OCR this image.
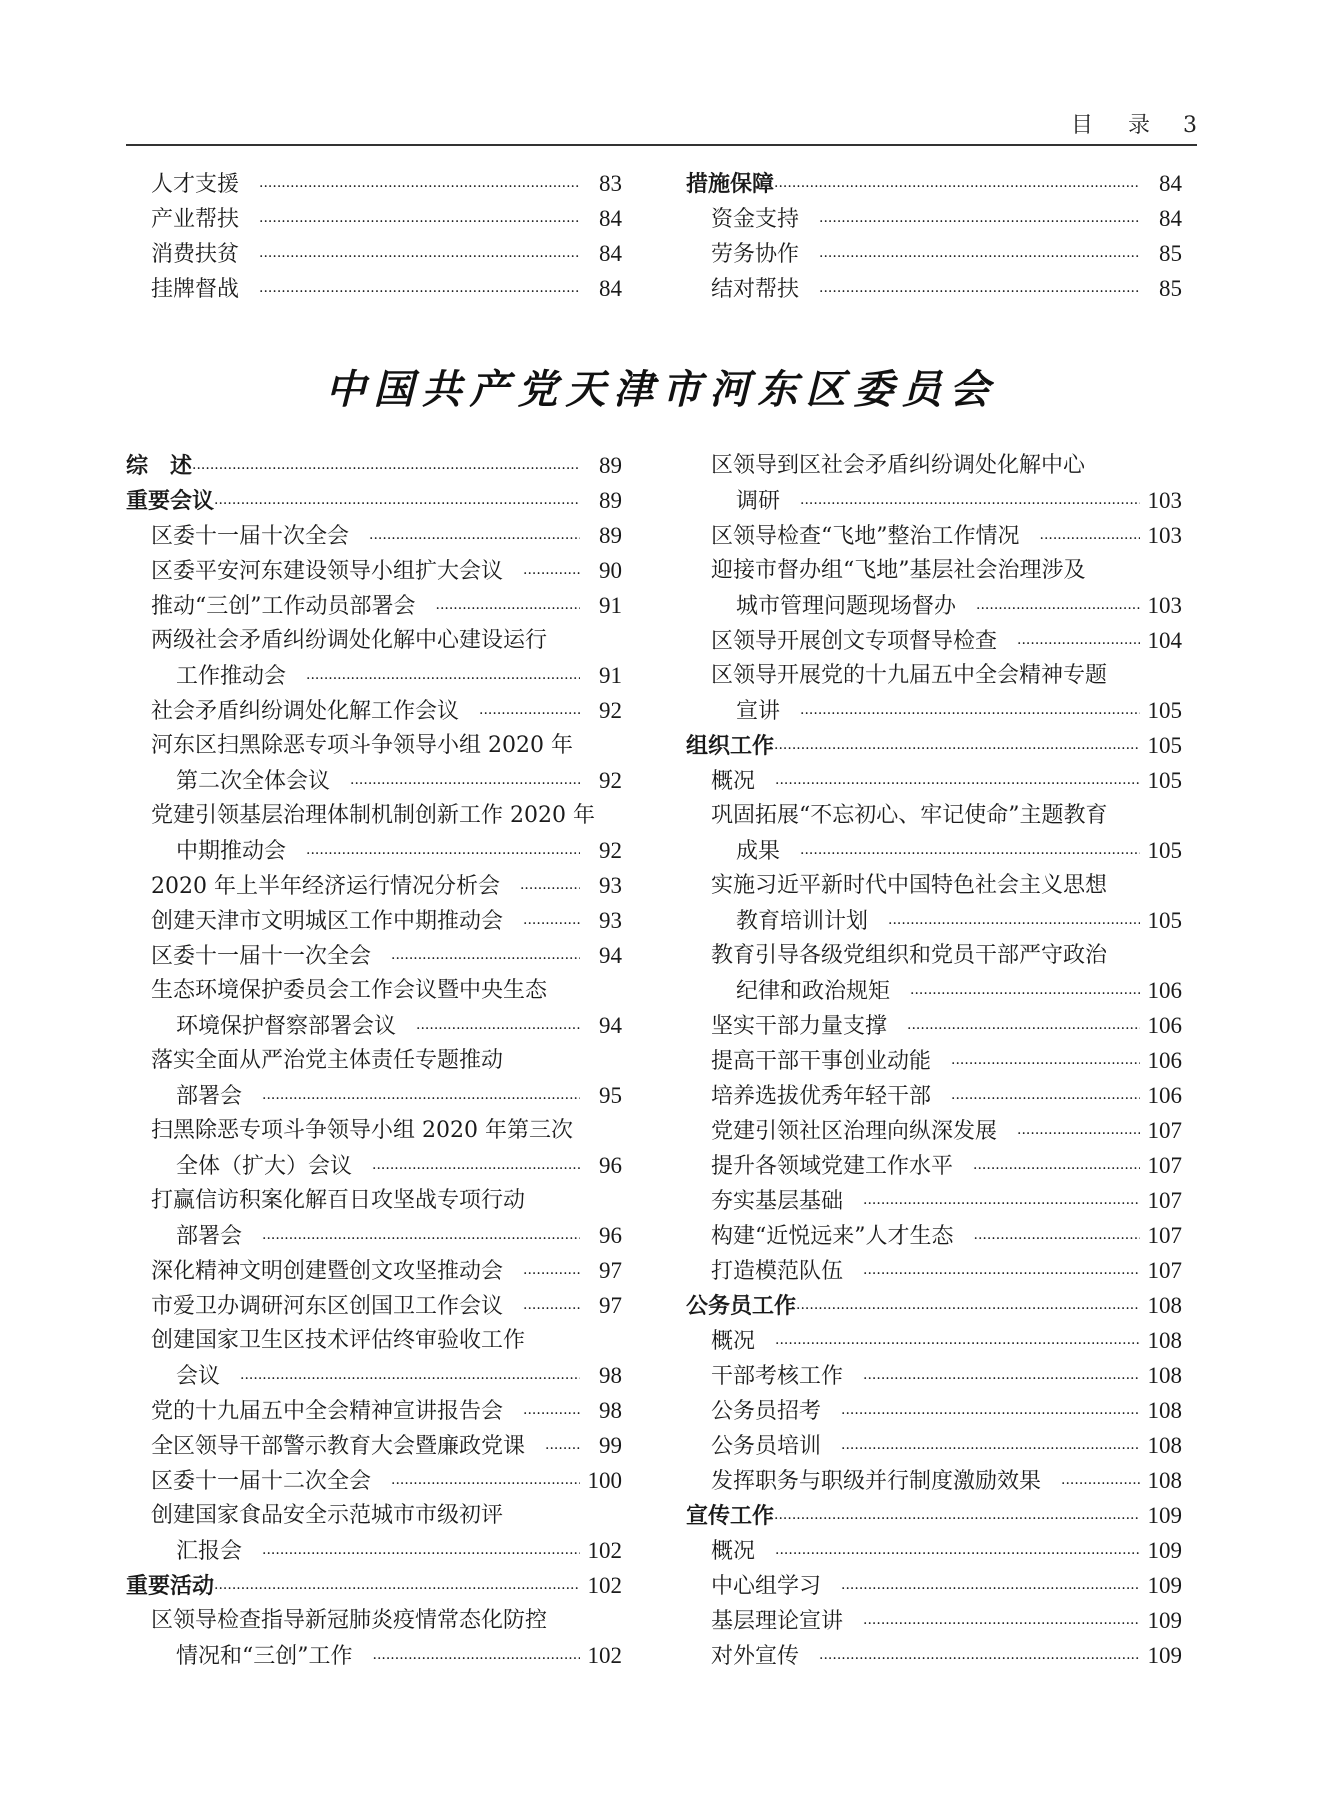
目 录 3
人才支援 ·····	83
产业帮扶 ·····	84
消费扶贫 ·····	84
挂牌督战 ·····	84
措施保障 ·····	84
资金支持 ·····	84
劳务协作 ·····	85
结对帮扶 ·····	85
中国共产党天津市河东区委员会
综　述 ·····	89
重要会议 ·····	89
区委十一届十次全会 ·····	89
区委平安河东建设领导小组扩大会议 ·····	90
推动“三创”工作动员部署会 ·····	91
两级社会矛盾纠纷调处化解中心建设运行
工作推动会 ·····	91
社会矛盾纠纷调处化解工作会议 ·····	92
河东区扫黑除恶专项斗争领导小组 2020 年
第二次全体会议 ·····	92
党建引领基层治理体制机制创新工作 2020 年
中期推动会 ·····	92
2020 年上半年经济运行情况分析会 ·····	93
创建天津市文明城区工作中期推动会 ·····	93
区委十一届十一次全会 ·····	94
生态环境保护委员会工作会议暨中央生态
环境保护督察部署会议 ·····	94
落实全面从严治党主体责任专题推动
部署会 ·····	95
扫黑除恶专项斗争领导小组 2020 年第三次
全体（扩大）会议 ·····	96
打赢信访积案化解百日攻坚战专项行动
部署会 ·····	96
深化精神文明创建暨创文攻坚推动会 ·····	97
市爱卫办调研河东区创国卫工作会议 ·····	97
创建国家卫生区技术评估终审验收工作
会议 ·····	98
党的十九届五中全会精神宣讲报告会 ·····	98
全区领导干部警示教育大会暨廉政党课 ·····	99
区委十一届十二次全会 ·····	100
创建国家食品安全示范城市市级初评
汇报会 ·····	102
重要活动 ·····	102
区领导检查指导新冠肺炎疫情常态化防控
情况和“三创”工作 ·····	102
区领导到区社会矛盾纠纷调处化解中心
调研 ·····	103
区领导检查“飞地”整治工作情况 ·····	103
迎接市督办组“飞地”基层社会治理涉及
城市管理问题现场督办 ·····	103
区领导开展创文专项督导检查 ·····	104
区领导开展党的十九届五中全会精神专题
宣讲 ·····	105
组织工作 ·····	105
概况 ·····	105
巩固拓展“不忘初心、牢记使命”主题教育
成果 ·····	105
实施习近平新时代中国特色社会主义思想
教育培训计划 ·····	105
教育引导各级党组织和党员干部严守政治
纪律和政治规矩 ·····	106
坚实干部力量支撑 ·····	106
提高干部干事创业动能 ·····	106
培养选拔优秀年轻干部 ·····	106
党建引领社区治理向纵深发展 ·····	107
提升各领域党建工作水平 ·····	107
夯实基层基础 ·····	107
构建“近悦远来”人才生态 ·····	107
打造模范队伍 ·····	107
公务员工作 ·····	108
概况 ·····	108
干部考核工作 ·····	108
公务员招考 ·····	108
公务员培训 ·····	108
发挥职务与职级并行制度激励效果 ·····	108
宣传工作 ·····	109
概况 ·····	109
中心组学习 ·····	109
基层理论宣讲 ·····	109
对外宣传 ·····	109
